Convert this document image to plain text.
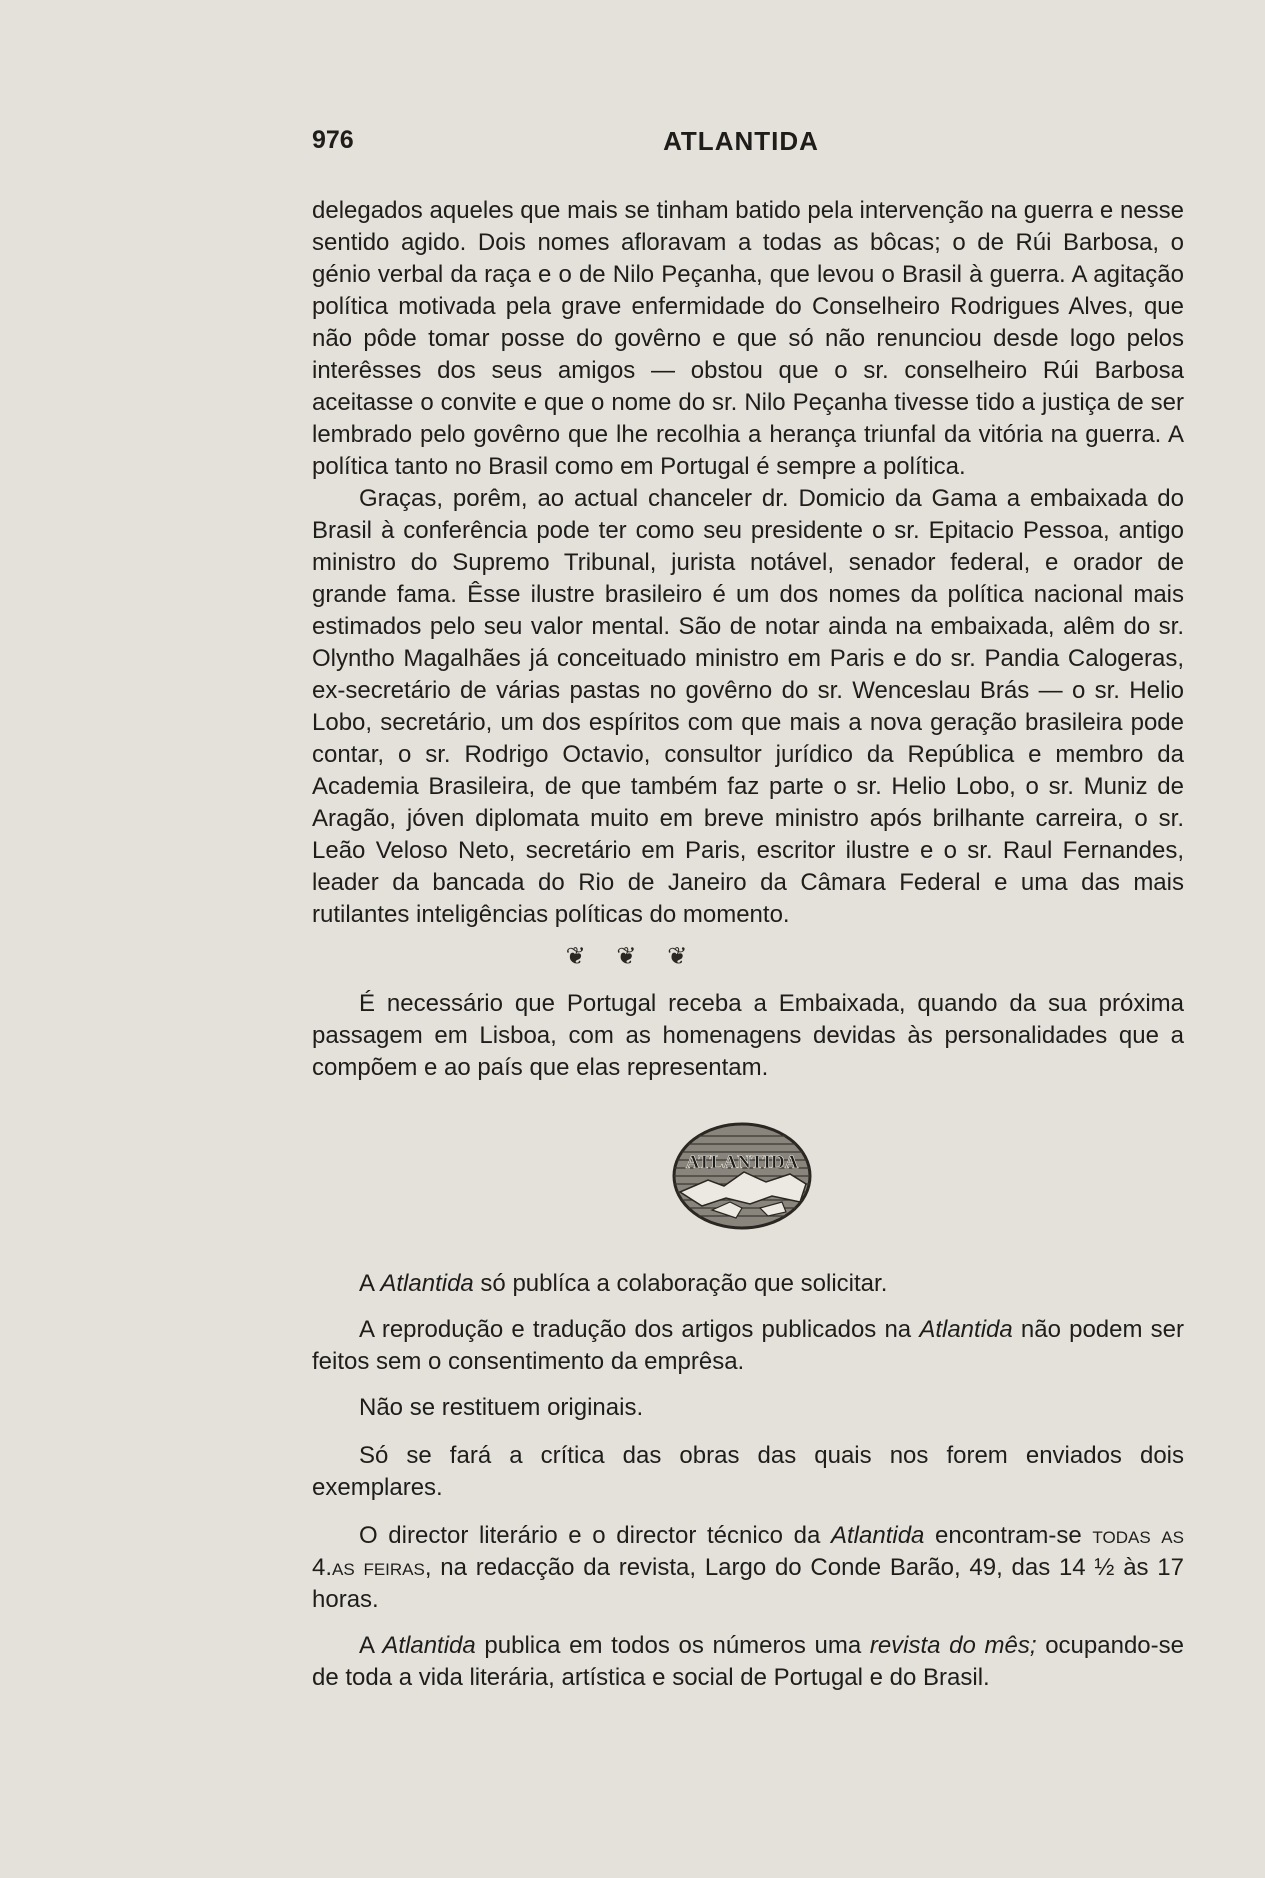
976	ATLANTIDA

delegados aqueles que mais se tinham batido pela intervenção na guerra e nesse sentido agido. Dois nomes afloravam a todas as bôcas; o de Rúi Barbosa, o génio verbal da raça e o de Nilo Peçanha, que levou o Brasil à guerra. A agitação política motivada pela grave enfermidade do Conselheiro Rodrigues Alves, que não pôde tomar posse do govêrno e que só não renunciou desde logo pelos interêsses dos seus amigos — obstou que o sr. conselheiro Rúi Barbosa aceitasse o convite e que o nome do sr. Nilo Peçanha tivesse tido a justiça de ser lembrado pelo govêrno que lhe recolhia a herança triunfal da vitória na guerra. A política tanto no Brasil como em Portugal é sempre a política.

Graças, porêm, ao actual chanceler dr. Domicio da Gama a embaixada do Brasil à conferência pode ter como seu presidente o sr. Epitacio Pessoa, antigo ministro do Supremo Tribunal, jurista notável, senador federal, e orador de grande fama. Êsse ilustre brasileiro é um dos nomes da política nacional mais estimados pelo seu valor mental. São de notar ainda na embaixada, alêm do sr. Olyntho Magalhães já conceituado ministro em Paris e do sr. Pandia Calogeras, ex-secretário de várias pastas no govêrno do sr. Wenceslau Brás — o sr. Helio Lobo, secretário, um dos espíritos com que mais a nova geração brasileira pode contar, o sr. Rodrigo Octavio, consultor jurídico da República e membro da Academia Brasileira, de que também faz parte o sr. Helio Lobo, o sr. Muniz de Aragão, jóven diplomata muito em breve ministro após brilhante carreira, o sr. Leão Veloso Neto, secretário em Paris, escritor ilustre e o sr. Raul Fernandes, leader da bancada do Rio de Janeiro da Câmara Federal e uma das mais rutilantes inteligências políticas do momento.

❦ ❦ ❦

É necessário que Portugal receba a Embaixada, quando da sua próxima passagem em Lisboa, com as homenagens devidas às personalidades que a compõem e ao país que elas representam.

ATLANTIDA

A Atlantida só publíca a colaboração que solicitar.

A reprodução e tradução dos artigos publicados na Atlantida não podem ser feitos sem o consentimento da emprêsa.

Não se restituem originais.

Só se fará a crítica das obras das quais nos forem enviados dois exemplares.

O director literário e o director técnico da Atlantida encontram-se todas as 4.as feiras, na redacção da revista, Largo do Conde Barão, 49, das 14 ½ às 17 horas.

A Atlantida publica em todos os números uma revista do mês; ocupando-se de toda a vida literária, artística e social de Portugal e do Brasil.
